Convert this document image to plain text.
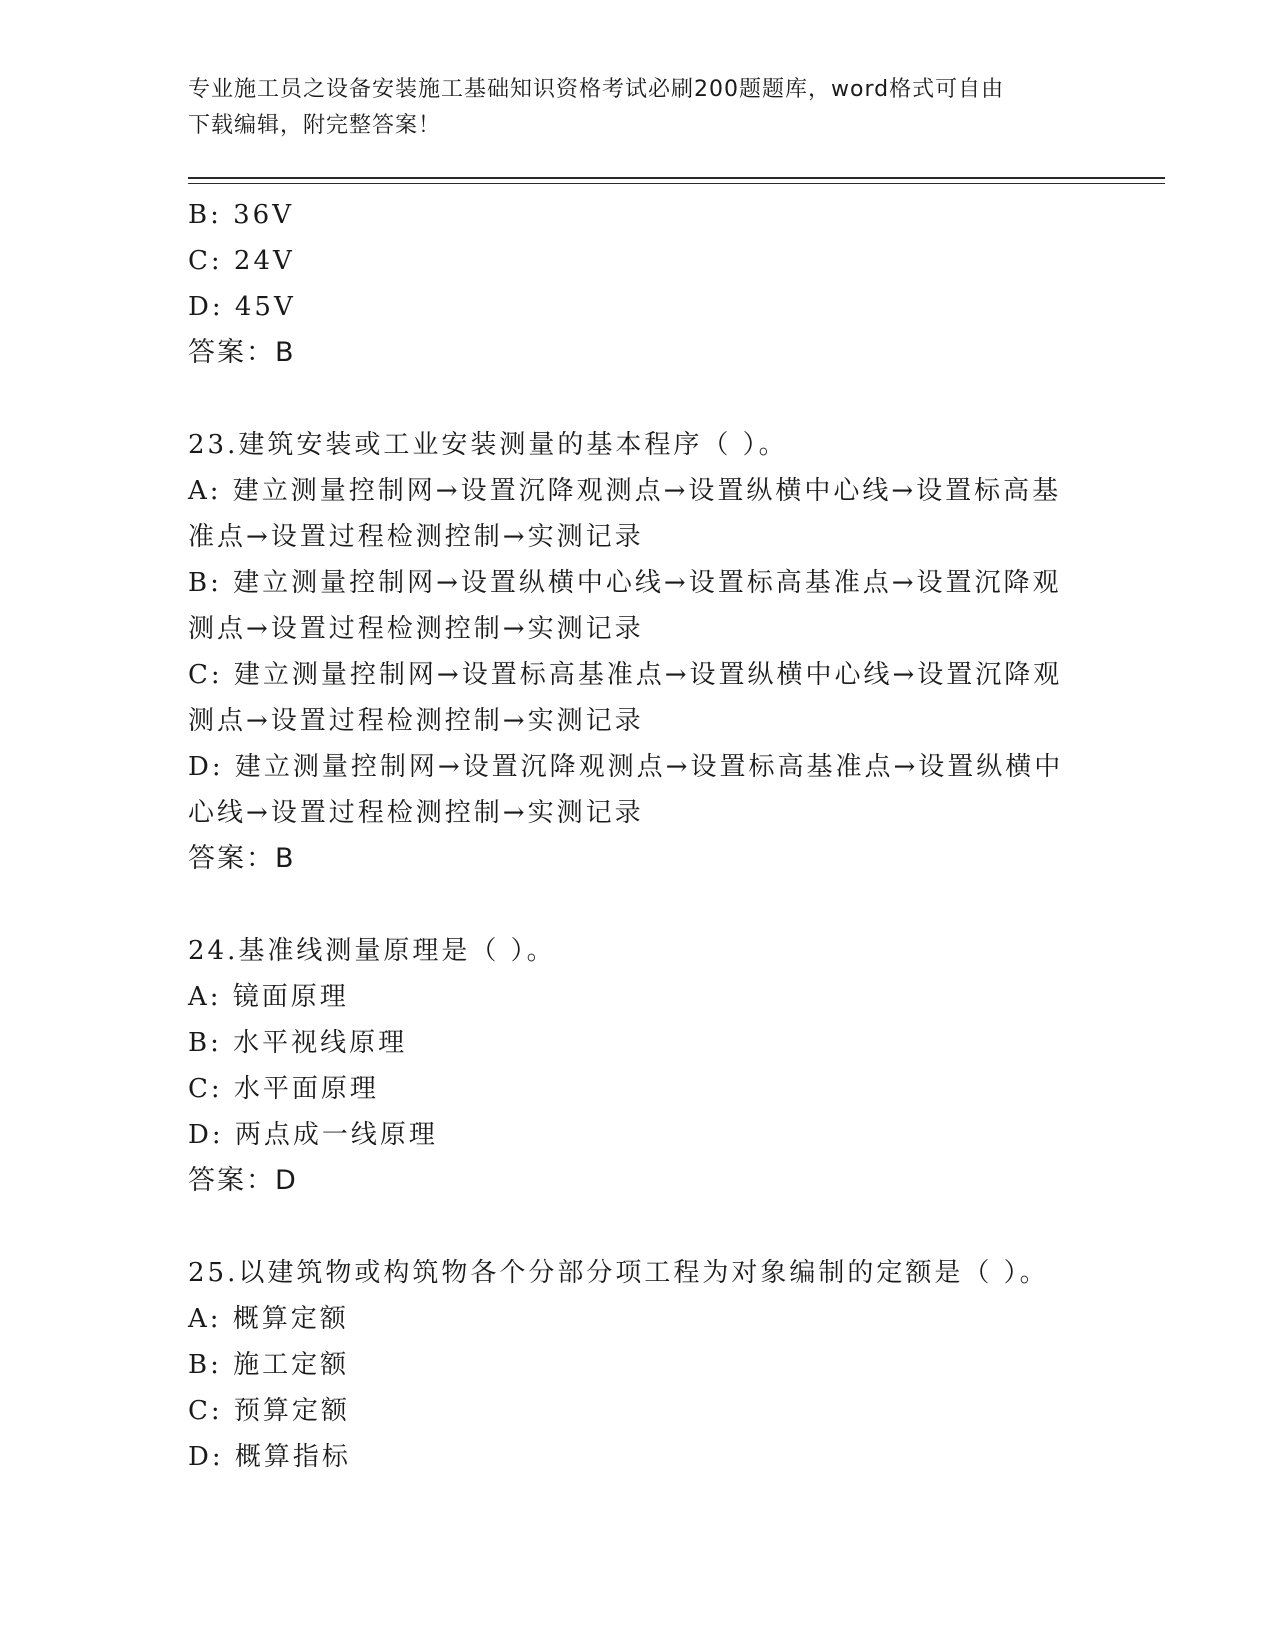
专业施工员之设备安装施工基础知识资格考试必刷200题题库，word格式可自由
下载编辑，附完整答案！
B: 36V
C: 24V
D: 45V
答案：B
23.建筑安装或工业安装测量的基本程序（ ）。
A: 建立测量控制网→设置沉降观测点→设置纵横中心线→设置标高基
准点→设置过程检测控制→实测记录
B: 建立测量控制网→设置纵横中心线→设置标高基准点→设置沉降观
测点→设置过程检测控制→实测记录
C: 建立测量控制网→设置标高基准点→设置纵横中心线→设置沉降观
测点→设置过程检测控制→实测记录
D: 建立测量控制网→设置沉降观测点→设置标高基准点→设置纵横中
心线→设置过程检测控制→实测记录
答案：B
24.基准线测量原理是（ ）。
A: 镜面原理
B: 水平视线原理
C: 水平面原理
D: 两点成一线原理
答案：D
25.以建筑物或构筑物各个分部分项工程为对象编制的定额是（ ）。
A: 概算定额
B: 施工定额
C: 预算定额
D: 概算指标
